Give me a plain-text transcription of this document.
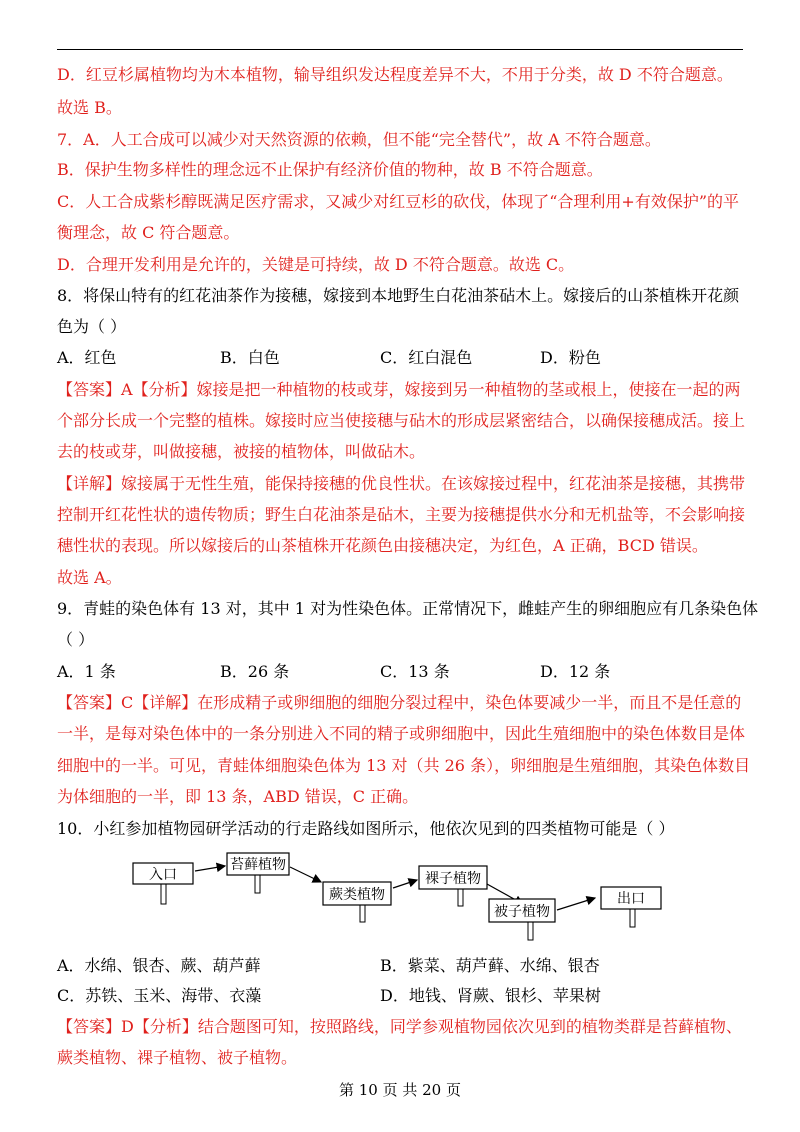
D．红豆杉属植物均为木本植物，输导组织发达程度差异不大，不用于分类，故 D 不符合题意。
故选 B。
7．A．人工合成可以减少对天然资源的依赖，但不能“完全替代”，故 A 不符合题意。
B．保护生物多样性的理念远不止保护有经济价值的物种，故 B 不符合题意。
C．人工合成紫杉醇既满足医疗需求，又减少对红豆杉的砍伐，体现了“合理利用+有效保护”的平
衡理念，故 C 符合题意。
D．合理开发利用是允许的，关键是可持续，故 D 不符合题意。故选 C。
8．将保山特有的红花油茶作为接穗，嫁接到本地野生白花油茶砧木上。嫁接后的山茶植株开花颜
色为（ ）
【答案】A【分析】嫁接是把一种植物的枝或芽，嫁接到另一种植物的茎或根上，使接在一起的两
个部分长成一个完整的植株。嫁接时应当使接穗与砧木的形成层紧密结合，以确保接穗成活。接上
去的枝或芽，叫做接穗，被接的植物体，叫做砧木。
【详解】嫁接属于无性生殖，能保持接穗的优良性状。在该嫁接过程中，红花油茶是接穗，其携带
控制开红花性状的遗传物质；野生白花油茶是砧木，主要为接穗提供水分和无机盐等，不会影响接
穗性状的表现。所以嫁接后的山茶植株开花颜色由接穗决定，为红色，A 正确，BCD 错误。
故选 A。
9．青蛙的染色体有 13 对，其中 1 对为性染色体。正常情况下，雌蛙产生的卵细胞应有几条染色体
（ ）
【答案】C【详解】在形成精子或卵细胞的细胞分裂过程中，染色体要减少一半，而且不是任意的
一半，是每对染色体中的一条分别进入不同的精子或卵细胞中，因此生殖细胞中的染色体数目是体
细胞中的一半。可见，青蛙体细胞染色体为 13 对（共 26 条），卵细胞是生殖细胞，其染色体数目
为体细胞的一半，即 13 条，ABD 错误，C 正确。
10．小红参加植物园研学活动的行走路线如图所示，他依次见到的四类植物可能是（ ）
【答案】D【分析】结合题图可知，按照路线，同学参观植物园依次见到的植物类群是苔藓植物、
蕨类植物、裸子植物、被子植物。
A．红色	B．白色	C．红白混色	D．粉色
A．1 条	B．26 条	C．13 条	D．12 条
入口
苔藓植物
蕨类植物
裸子植物
被子植物
出口
A．水绵、银杏、蕨、葫芦藓	B．紫菜、葫芦藓、水绵、银杏
C．苏铁、玉米、海带、衣藻	D．地钱、肾蕨、银杉、苹果树
第 10 页 共 20 页
